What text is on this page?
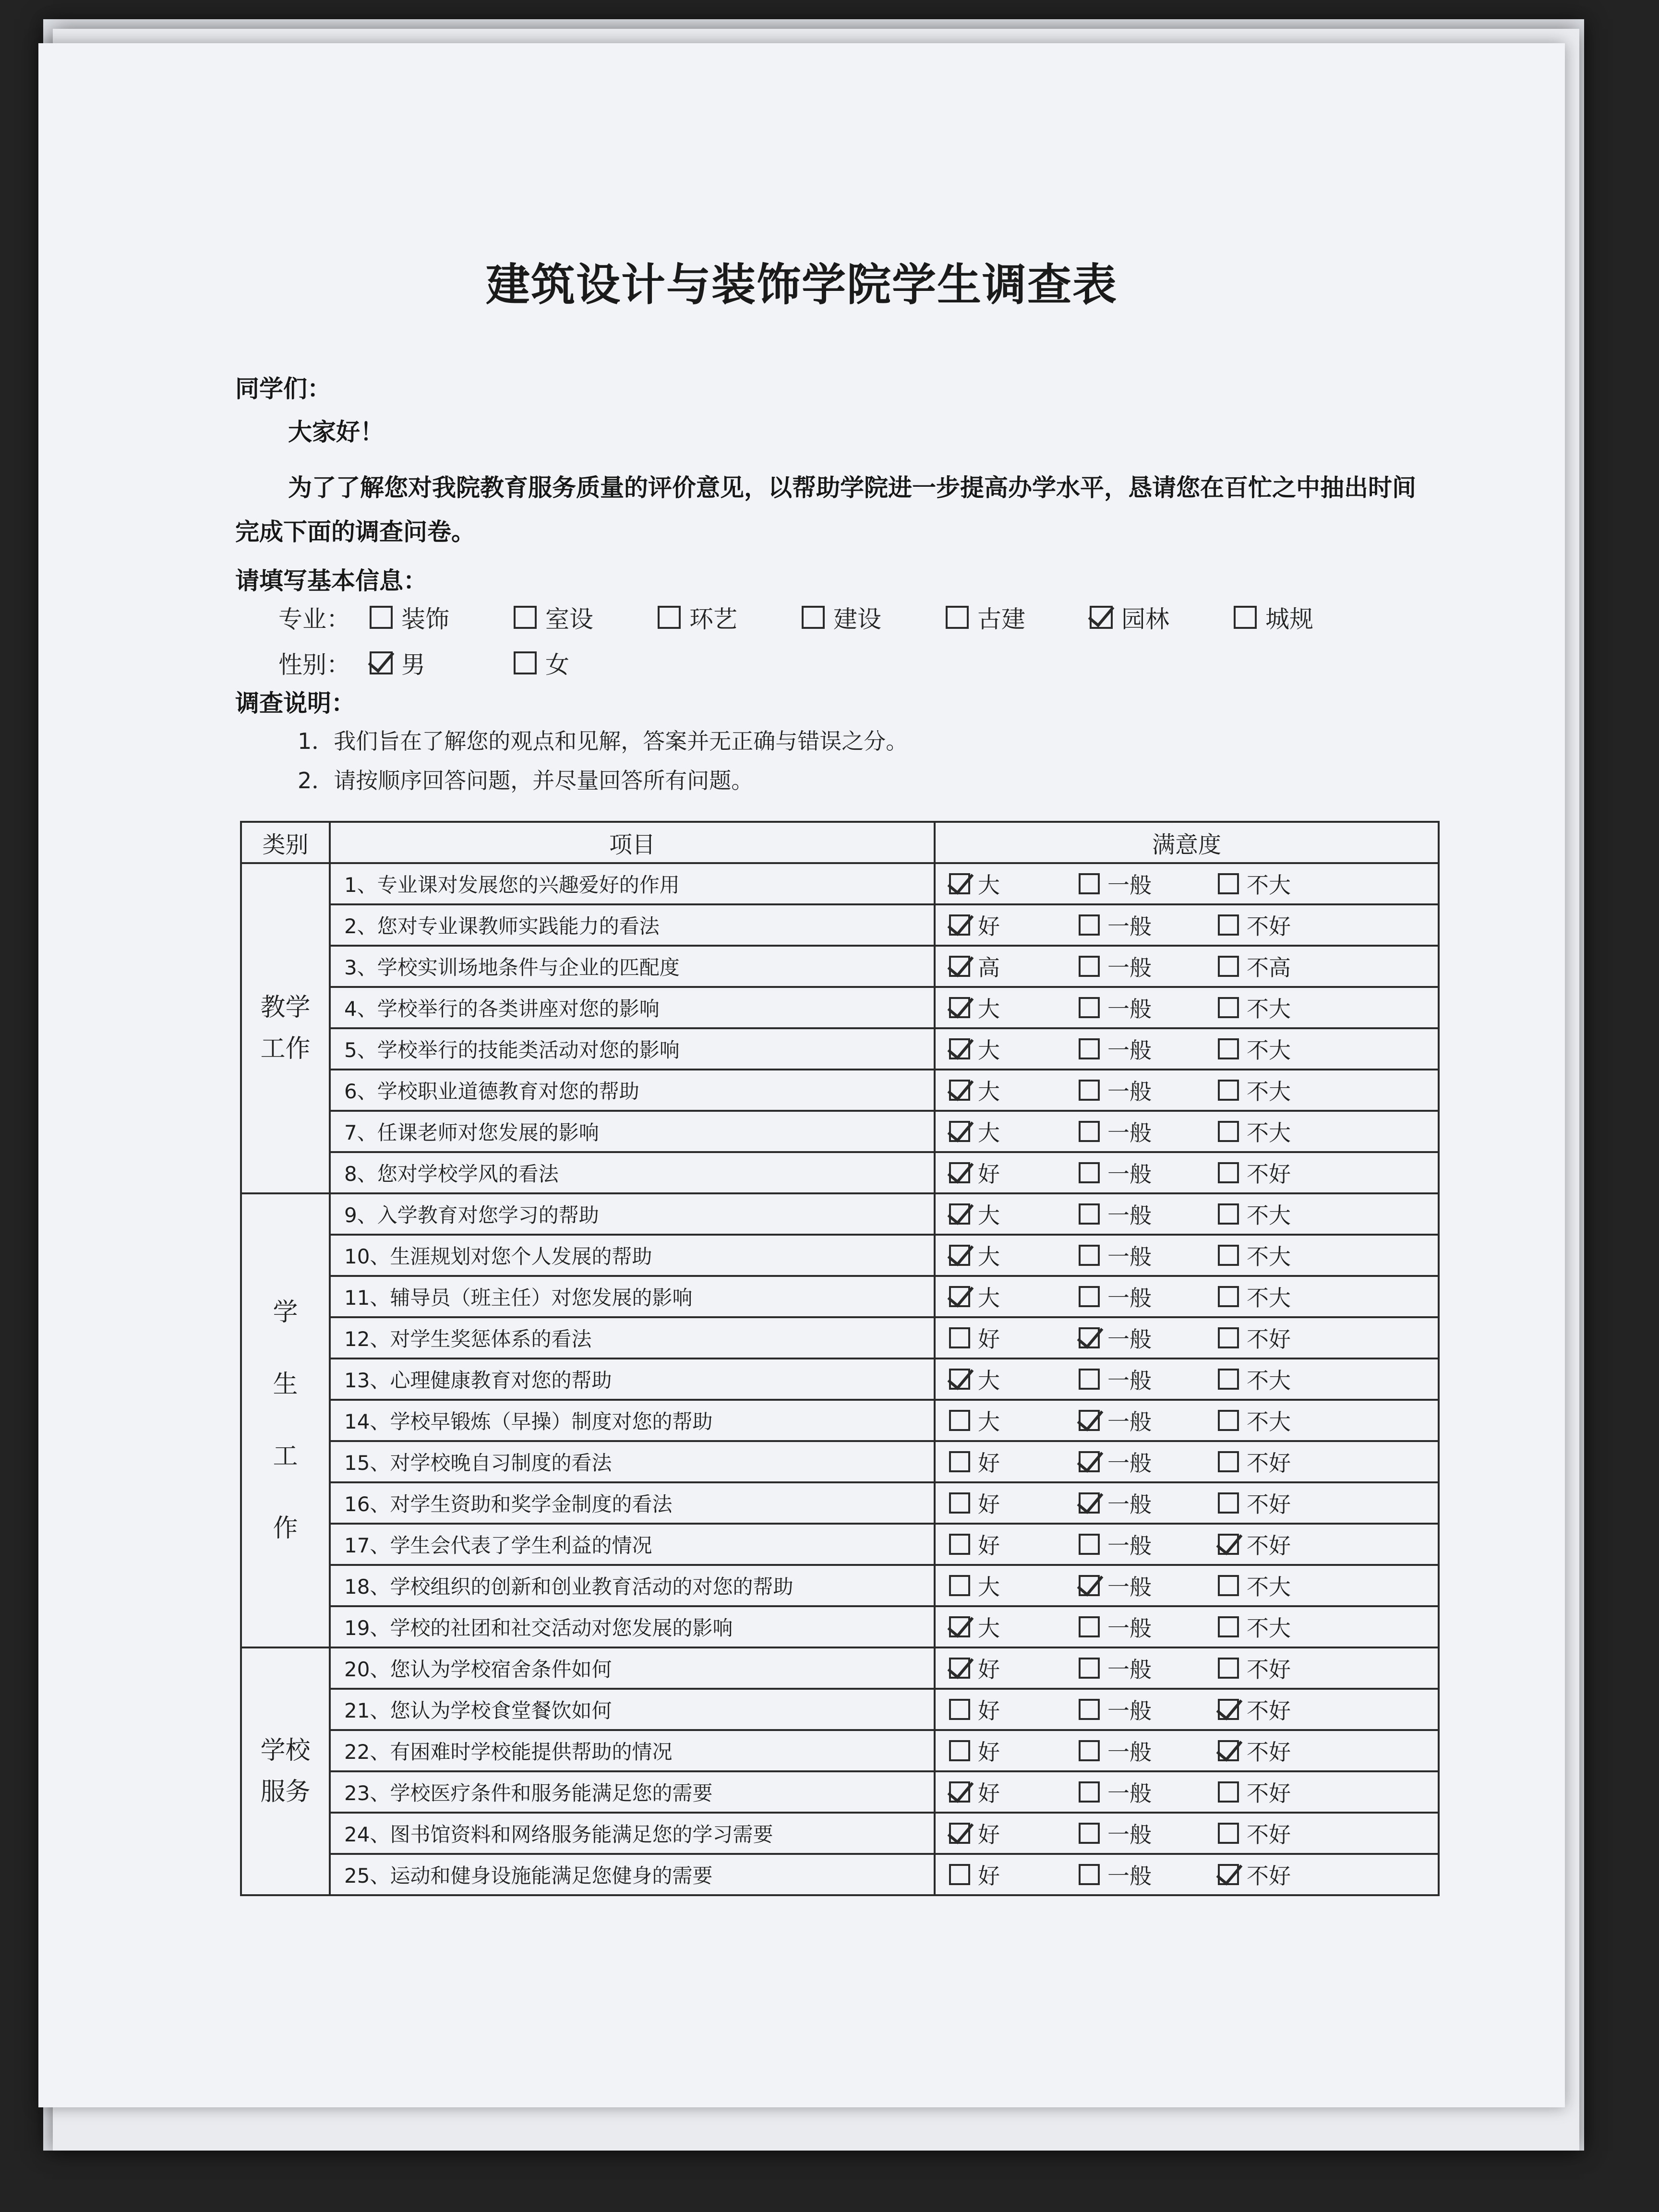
建筑设计与装饰学院学生调查表
同学们：
大家好！
为了了解您对我院教育服务质量的评价意见，以帮助学院进一步提高办学水平，恳请您在百忙之中抽出时间完成下面的调查问卷。
请填写基本信息：
专业： 装饰	室设	环艺	建设	古建	园林	城规
性别： 男	女
调查说明：
1．我们旨在了解您的观点和见解，答案并无正确与错误之分。
2．请按顺序回答问题，并尽量回答所有问题。
类别	项目	满意度
教学
工作	1、专业课对发展您的兴趣爱好的作用	大 一般 不大

	2、您对专业课教师实践能力的看法	好 一般 不好

	3、学校实训场地条件与企业的匹配度	高 一般 不高

	4、学校举行的各类讲座对您的影响	大 一般 不大

	5、学校举行的技能类活动对您的影响	大 一般 不大

	6、学校职业道德教育对您的帮助	大 一般 不大

	7、任课老师对您发展的影响	大 一般 不大

	8、您对学校学风的看法	好 一般 不好

学
生
工
作	9、入学教育对您学习的帮助	大 一般 不大

	10、生涯规划对您个人发展的帮助	大 一般 不大

	11、辅导员（班主任）对您发展的影响	大 一般 不大

	12、对学生奖惩体系的看法	好 一般 不好

	13、心理健康教育对您的帮助	大 一般 不大

	14、学校早锻炼（早操）制度对您的帮助	大 一般 不大

	15、对学校晚自习制度的看法	好 一般 不好

	16、对学生资助和奖学金制度的看法	好 一般 不好

	17、学生会代表了学生利益的情况	好 一般 不好

	18、学校组织的创新和创业教育活动的对您的帮助	大 一般 不大

	19、学校的社团和社交活动对您发展的影响	大 一般 不大

学校
服务	20、您认为学校宿舍条件如何	好 一般 不好

	21、您认为学校食堂餐饮如何	好 一般 不好

	22、有困难时学校能提供帮助的情况	好 一般 不好

	23、学校医疗条件和服务能满足您的需要	好 一般 不好

	24、图书馆资料和网络服务能满足您的学习需要	好 一般 不好

	25、运动和健身设施能满足您健身的需要	好 一般 不好
